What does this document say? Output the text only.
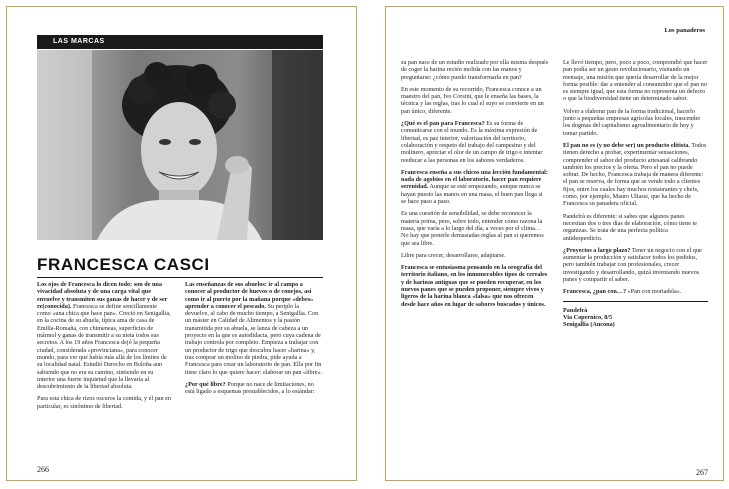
LAS MARCAS
FRANCESCA CASCI

Los ojos de Francesca lo dicen todo: son de una vivacidad absoluta y de una carga vital que envuelve y transmiten sus ganas de hacer y de ser re(conocida). Francesca se define sencillamente como «una chica que hace pan». Creció en Senigallia, en la cocina de su abuela, típica ama de casa de Emilia-Romaña, con chimeneas, superficies de mármol y ganas de transmitir a su nieta todos sus secretos. A los 19 años Francesca dejó la pequeña ciudad, considerada «provinciana», para conocer mundo, para ver qué había más allá de los límites de su localidad natal. Estudió Derecho en Boloña aun sabiendo que no era su camino, sintiendo en su interior una fuerte inquietud que la llevaría al descubrimiento de la libertad absoluta.

Para esta chica de rizos oscuros la comida, y el pan en particular, es sinónimo de libertad.

Las enseñanzas de sus abuelos: ir al campo a conocer al productor de huevos o de conejos, así como ir al puerto por la mañana porque «debes» aprender a conocer el pescado. Su periplo la devuelve, al cabo de mucho tiempo, a Senigallia. Con un máster en Calidad de Alimentos y la pasión transmitida por su abuela, se lanza de cabeza a un proyecto en la que es autodidacta, pero cuya cadena de trabajo controla por completo. Empieza a trabajar con un productor de trigo que descubra hacer «harina» y, tras comprar un molino de piedra, pide ayuda a Francesca para crear un laboratorio de pan. Ella por fin tiene claro lo que quiere hacer: elaborar un pan «libre».

¿Por qué libre? Porque no nace de limitaciones, no está ligado a esquemas prestablecidos, a lo estándar:

266
Los panaderos

su pan nace de un estudio realizado por ella misma después de coger la harina recién molida con las manos y preguntarse: ¿cómo puedo transformarla en pan?

En este momento de su recorrido, Francesca conoce a un maestro del pan, Ivo Corsini, que le enseña las bases, la técnica y las reglas, tras lo cual el suyo se convierte en un pan único, diferente.

¿Qué es el pan para Francesca? Es su forma de comunicarse con el mundo. Es la máxima expresión de libertad, es paz interior, valorización del territorio, colaboración y respeto del trabajo del campesino y del molinero, apreciar el olor de un campo de trigo e intentar reeducar a las personas en los sabores verdaderos.

Francesca enseña a sus chicos una lección fundamental: nada de agobios en el laboratorio, hacer pan requiere serenidad. Aunque se esté empezando, aunque nunca se hayan puesto las manos en una masa, el buen pan llega si se hace paso a paso.

Es una cuestión de sensibilidad, se debe reconocer la materia prima, pero, sobre todo, entender cómo razona la masa, que varía a lo largo del día, a veces por el clima… No hay que ponerle demasiadas reglas al pan si queremos que sea libre.

Libre para crecer, desarrollarse, adaptarse.

Francesca se entusiasma pensando en la orografía del territorio italiano, en los innumerables tipos de cereales y de harinas antiguas que se pueden recuperar, en los nuevos panes que se pueden proponer, siempre vivos y ligeros de la harina blanca «falsa» que nos ofrecen desde hace años en lugar de sabores buscados y únicos.

Le llevó tiempo, pero, poco a poco, comprendió que hacer pan podía ser un gesto revolucionario, visitando un mensaje, una misión que quería desarrollar de la mejor forma posible: dar a entender al consumidor que el pan no es siempre igual, que esta forma no representa un defecto o que la biodiversidad tiene un determinado sabor.

Volver a elaborar pan de la forma tradicional, hacerlo junto a pequeñas empresas agrícolas locales, trascender los dogmas del capitalismo agroalimentario de hoy y tomar partido.

El pan no es (y no debe ser) un producto elitista. Todos tienen derecho a probar, experimentar sensaciones, comprender el sabor del producto artesanal calibrando también los precios y la oferta. Pero el pan no puede sobrar. De hecho, Francesca trabaja de manera diferente: el pan se reserva, de forma que se vende todo a clientes fijos, entre los cuales hay muchos restaurantes y chefs, como, por ejemplo, Mauro Uliassi, que ha hecho de Francesca su panadera oficial.

Pandefrà es diferente: si sabes que algunos panes necesitan dos o tres días de elaboración, cómo tiene te organizas. Se trata de una perfecta política antidesperdicio.

¿Proyectos a largo plazo? Tener un negocio con el que aumentar la producción y satisfacer todos los pedidos, pero también trabajar con profesionales, crecer investigando y desarrollando, quizá inventando nuevos panes y compartir el saber.

Francesca, ¿pan con…? «Pan con mortadela».

Pandefrà
Via Copernico, 8/5
Senigallia (Ancona)
267
